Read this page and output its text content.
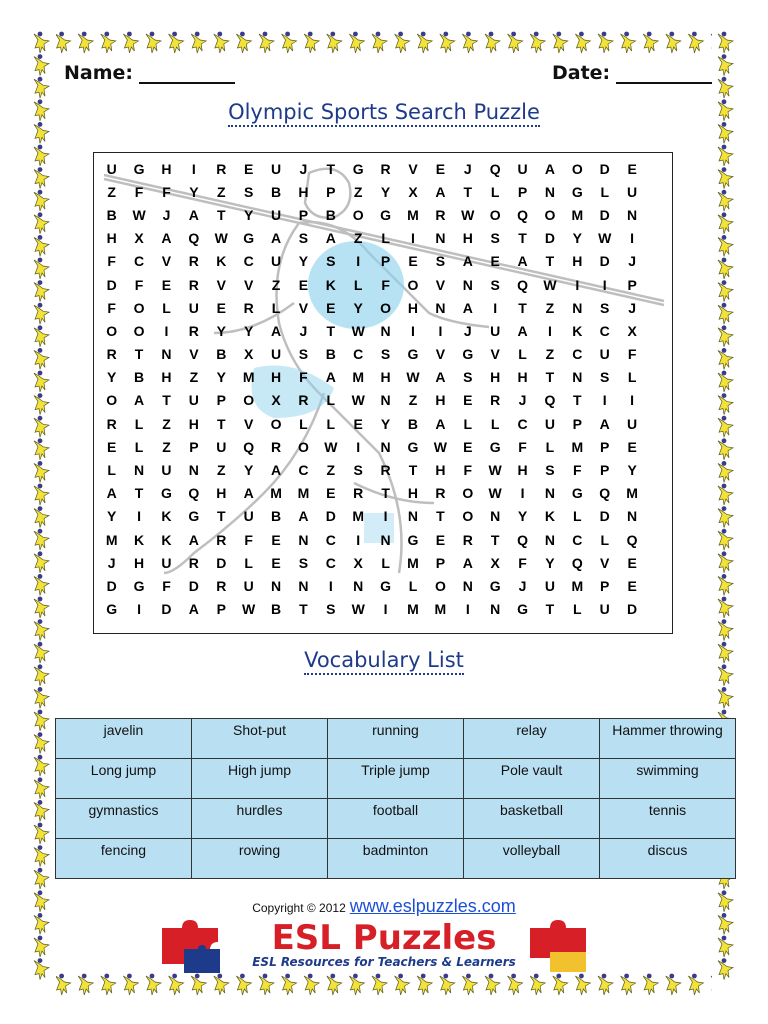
Name:	Date:
Olympic Sports Search Puzzle
U	G	H	I	R	E	U	J	T	G	R	V	E	J	Q	U	A	O	D	E
Z	F	F	Y	Z	S	B	H	P	Z	Y	X	A	T	L	P	N	G	L	U
B	W	J	A	T	Y	U	P	B	O	G	M	R	W	O	Q	O	M	D	N
H	X	A	Q	W	G	A	S	A	Z	L	I	N	H	S	T	D	Y	W	I
F	C	V	R	K	C	U	Y	S	I	P	E	S	A	E	A	T	H	D	J
D	F	E	R	V	V	Z	E	K	L	F	O	V	N	S	Q	W	I	I	P
F	O	L	U	E	R	L	V	E	Y	O	H	N	A	I	T	Z	N	S	J
O	O	I	R	Y	Y	A	J	T	W	N	I	I	J	U	A	I	K	C	X
R	T	N	V	B	X	U	S	B	C	S	G	V	G	V	L	Z	C	U	F
Y	B	H	Z	Y	M	H	F	A	M	H	W	A	S	H	H	T	N	S	L
O	A	T	U	P	O	X	R	L	W	N	Z	H	E	R	J	Q	T	I	I
R	L	Z	H	T	V	O	L	L	E	Y	B	A	L	L	C	U	P	A	U
E	L	Z	P	U	Q	R	O	W	I	N	G	W	E	G	F	L	M	P	E
L	N	U	N	Z	Y	A	C	Z	S	R	T	H	F	W	H	S	F	P	Y
A	T	G	Q	H	A	M	M	E	R	T	H	R	O	W	I	N	G	Q	M
Y	I	K	G	T	U	B	A	D	M	I	N	T	O	N	Y	K	L	D	N
M	K	K	A	R	F	E	N	C	I	N	G	E	R	T	Q	N	C	L	Q
J	H	U	R	D	L	E	S	C	X	L	M	P	A	X	F	Y	Q	V	E
D	G	F	D	R	U	N	N	I	N	G	L	O	N	G	J	U	M	P	E
G	I	D	A	P	W	B	T	S	W	I	M	M	I	N	G	T	L	U	D
Vocabulary List
javelin	Shot-put	running	relay	Hammer throwing
Long jump	High jump	Triple jump	Pole vault	swimming
gymnastics	hurdles	football	basketball	tennis
fencing	rowing	badminton	volleyball	discus
Copyright © 2012 www.eslpuzzles.com
ESL Puzzles
ESL Resources for Teachers & Learners
